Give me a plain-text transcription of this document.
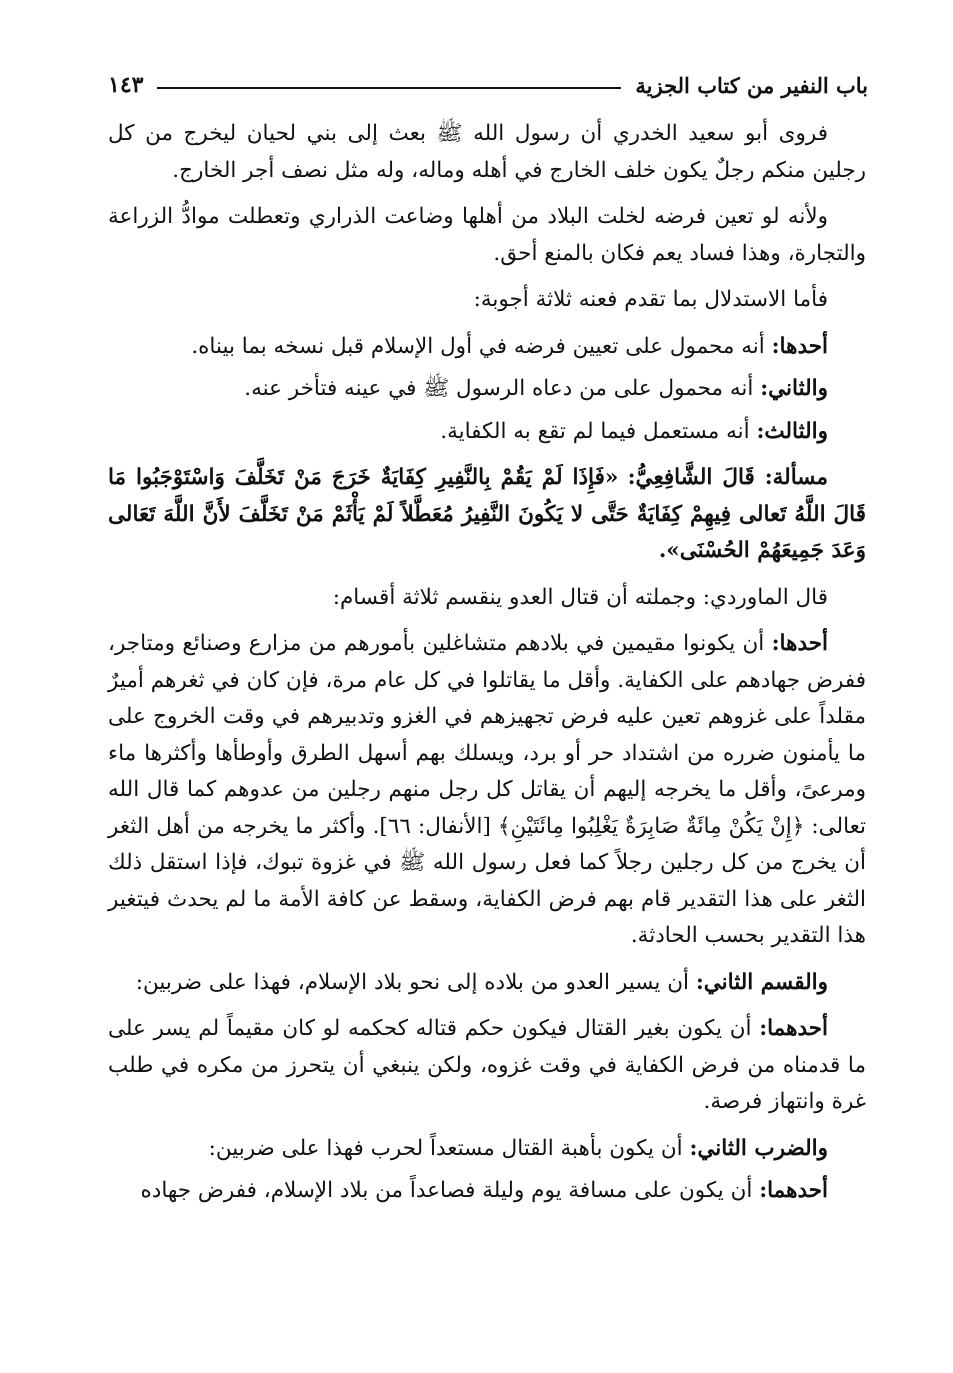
باب النفير من كتاب الجزية
١٤٣

فروى أبو سعيد الخدري أن رسول الله ﷺ بعث إلى بني لحيان ليخرج من كل رجلين منكم رجلٌ يكون خلف الخارج في أهله وماله، وله مثل نصف أجر الخارج.

ولأنه لو تعين فرضه لخلت البلاد من أهلها وضاعت الذراري وتعطلت موادُّ الزراعة والتجارة، وهذا فساد يعم فكان بالمنع أحق.

فأما الاستدلال بما تقدم فعنه ثلاثة أجوبة:

أحدها: أنه محمول على تعيين فرضه في أول الإسلام قبل نسخه بما بيناه.

والثاني: أنه محمول على من دعاه الرسول ﷺ في عينه فتأخر عنه.

والثالث: أنه مستعمل فيما لم تقع به الكفاية.

مسألة: قَالَ الشَّافِعِيُّ: «فَإِذَا لَمْ يَقُمْ بِالنَّفِيرِ كِفَايَةٌ خَرَجَ مَنْ تَخَلَّفَ وَاسْتَوْجَبُوا مَا قَالَ اللَّهُ تَعالى فِيهِمْ كِفَايَةٌ حَتَّى لا يَكُونَ النَّفِيرُ مُعَطَّلاً لَمْ يَأْثَمْ مَنْ تَخَلَّفَ لأَنَّ اللَّهَ تَعَالى وَعَدَ جَمِيعَهُمْ الحُسْنَى».

قال الماوردي: وجملته أن قتال العدو ينقسم ثلاثة أقسام:

أحدها: أن يكونوا مقيمين في بلادهم متشاغلين بأمورهم من مزارع وصنائع ومتاجر، ففرض جهادهم على الكفاية. وأقل ما يقاتلوا في كل عام مرة، فإن كان في ثغرهم أميرٌ مقلداً على غزوهم تعين عليه فرض تجهيزهم في الغزو وتدبيرهم في وقت الخروج على ما يأمنون ضرره من اشتداد حر أو برد، ويسلك بهم أسهل الطرق وأوطأها وأكثرها ماء ومرعىً، وأقل ما يخرجه إليهم أن يقاتل كل رجل منهم رجلين من عدوهم كما قال الله تعالى: ﴿إِنْ يَكُنْ مِائَةٌ صَابِرَةٌ يَغْلِبُوا مِائَتَيْنِ﴾ [الأنفال: ٦٦]. وأكثر ما يخرجه من أهل الثغر أن يخرج من كل رجلين رجلاً كما فعل رسول الله ﷺ في غزوة تبوك، فإذا استقل ذلك الثغر على هذا التقدير قام بهم فرض الكفاية، وسقط عن كافة الأمة ما لم يحدث فيتغير هذا التقدير بحسب الحادثة.

والقسم الثاني: أن يسير العدو من بلاده إلى نحو بلاد الإسلام، فهذا على ضربين:

أحدهما: أن يكون بغير القتال فيكون حكم قتاله كحكمه لو كان مقيماً لم يسر على ما قدمناه من فرض الكفاية في وقت غزوه، ولكن ينبغي أن يتحرز من مكره في طلب غرة وانتهاز فرصة.

والضرب الثاني: أن يكون بأهبة القتال مستعداً لحرب فهذا على ضربين:

أحدهما: أن يكون على مسافة يوم وليلة فصاعداً من بلاد الإسلام، ففرض جهاده
